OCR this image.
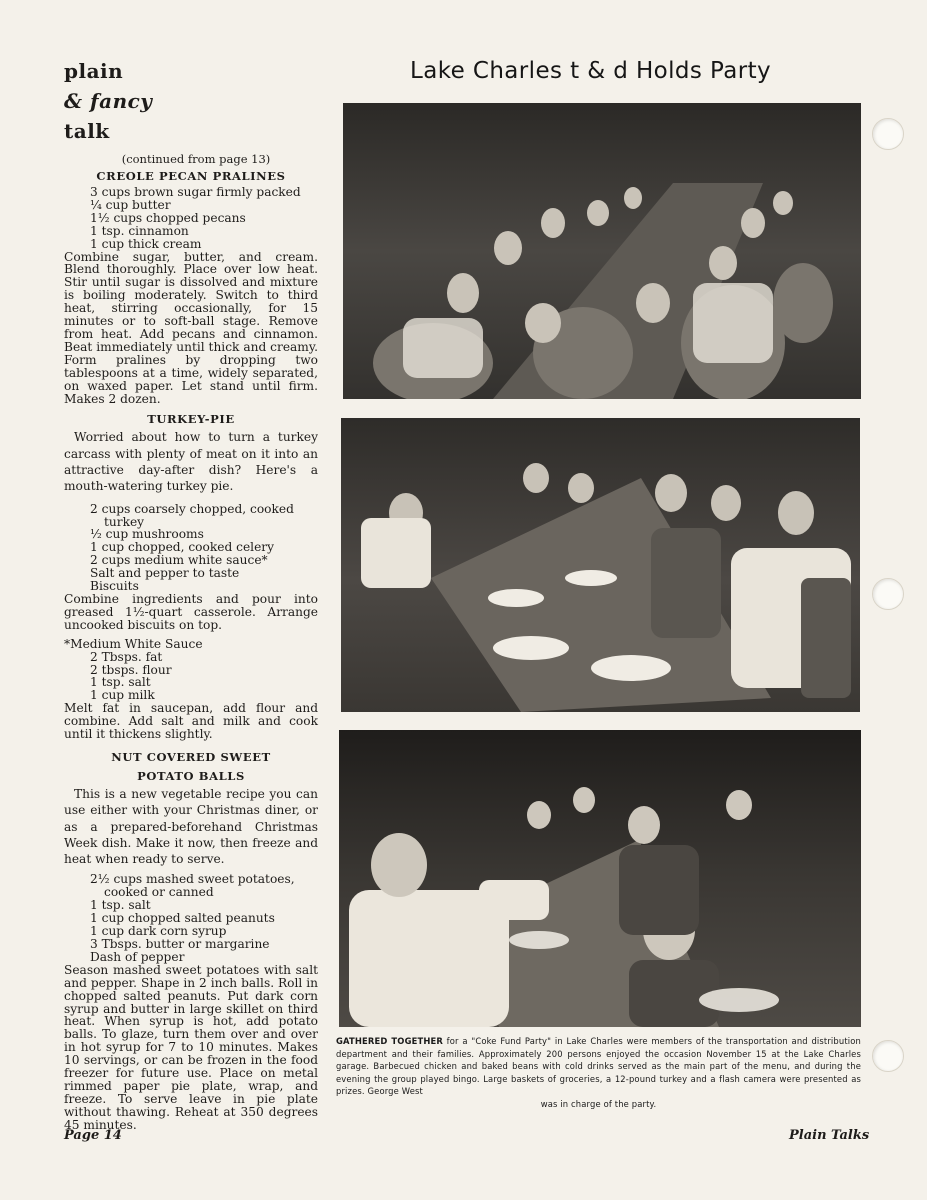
plain
& fancy
talk
(continued from page 13)
CREOLE PECAN PRALINES
3 cups brown sugar firmly packed
¼ cup butter
1½ cups chopped pecans
1 tsp. cinnamon
1 cup thick cream

Combine sugar, butter, and cream. Blend thoroughly. Place over low heat. Stir until sugar is dissolved and mixture is boiling moderately. Switch to third heat, stirring occasionally, for 15 minutes or to soft-ball stage. Remove from heat. Add pecans and cinnamon. Beat immediately until thick and creamy. Form pralines by dropping two tablespoons at a time, widely separated, on waxed paper. Let stand until firm. Makes 2 dozen.

TURKEY-PIE

Worried about how to turn a turkey carcass with plenty of meat on it into an attractive day-after dish? Here's a mouth-watering turkey pie.

2 cups coarsely chopped, cooked
turkey
½ cup mushrooms
1 cup chopped, cooked celery
2 cups medium white sauce*
Salt and pepper to taste
Biscuits

Combine ingredients and pour into greased 1½-quart casserole. Arrange uncooked biscuits on top.

*Medium White Sauce
2 Tbsps. fat
2 tbsps. flour
1 tsp. salt
1 cup milk

Melt fat in saucepan, add flour and combine. Add salt and milk and cook until it thickens slightly.

NUT COVERED SWEET
POTATO BALLS

This is a new vegetable recipe you can use either with your Christmas diner, or as a prepared-beforehand Christmas Week dish. Make it now, then freeze and heat when ready to serve.

2½ cups mashed sweet potatoes,
cooked or canned
1 tsp. salt
1 cup chopped salted peanuts
1 cup dark corn syrup
3 Tbsps. butter or margarine
Dash of pepper

Season mashed sweet potatoes with salt and pepper. Shape in 2 inch balls. Roll in chopped salted peanuts. Put dark corn syrup and butter in large skillet on third heat. When syrup is hot, add potato balls. To glaze, turn them over and over in hot syrup for 7 to 10 minutes. Makes 10 servings, or can be frozen in the food freezer for future use. Place on metal rimmed paper pie plate, wrap, and freeze. To serve leave in pie plate without thawing. Reheat at 350 degrees 45 minutes.

Lake Charles t & d Holds Party
GATHERED TOGETHER for a "Coke Fund Party" in Lake Charles were members of the transportation and distribution department and their families. Approximately 200 persons enjoyed the occasion November 15 at the Lake Charles garage. Barbecued chicken and baked beans with cold drinks served as the main part of the menu, and during the evening the group played bingo. Large baskets of groceries, a 12-pound turkey and a flash camera were presented as prizes. George West
was in charge of the party.
Page 14	Plain Talks
